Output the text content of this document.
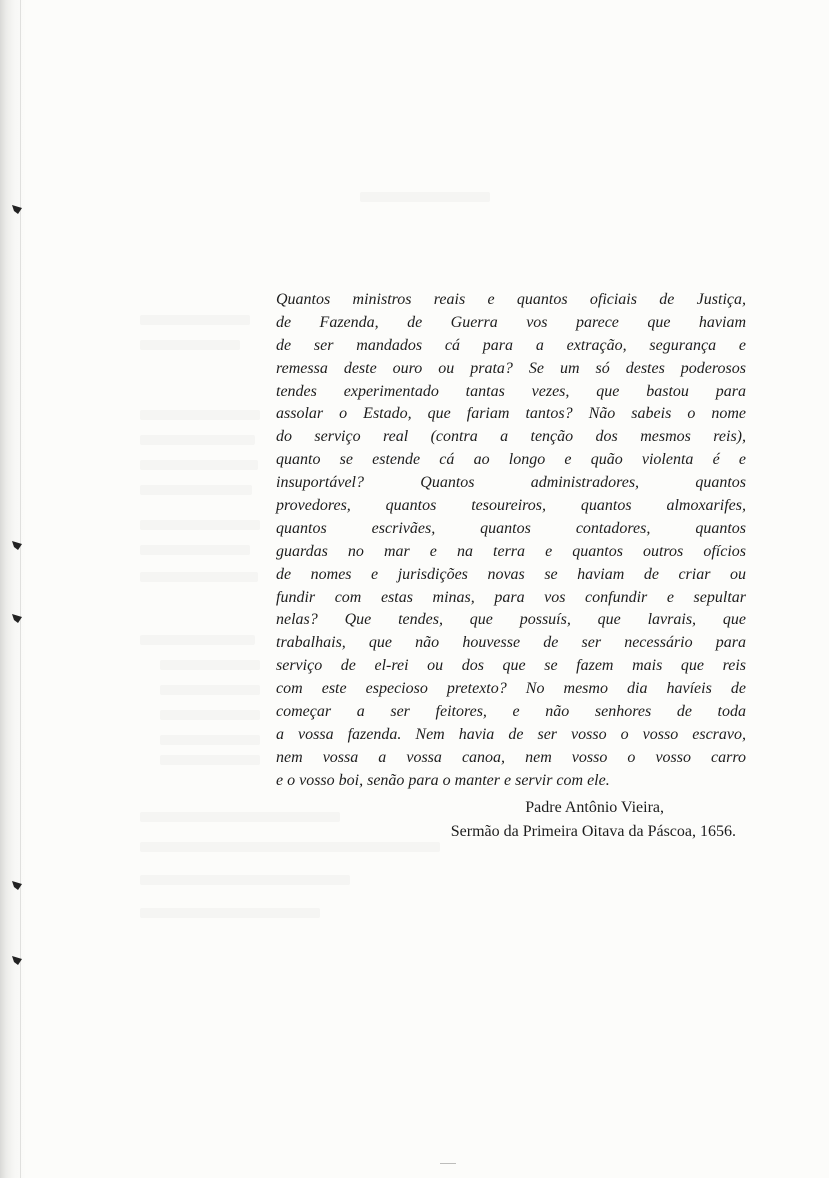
Quantos ministros reais e quantos oficiais de Justiça,
de Fazenda, de Guerra vos parece que haviam
de ser mandados cá para a extração, segurança e
remessa deste ouro ou prata? Se um só destes poderosos
tendes experimentado tantas vezes, que bastou para
assolar o Estado, que fariam tantos? Não sabeis o nome
do serviço real (contra a tenção dos mesmos reis),
quanto se estende cá ao longo e quão violenta é e
insuportável? Quantos administradores, quantos
provedores, quantos tesoureiros, quantos almoxarifes,
quantos escrivães, quantos contadores, quantos
guardas no mar e na terra e quantos outros ofícios
de nomes e jurisdições novas se haviam de criar ou
fundir com estas minas, para vos confundir e sepultar
nelas? Que tendes, que possuís, que lavrais, que
trabalhais, que não houvesse de ser necessário para
serviço de el-rei ou dos que se fazem mais que reis
com este especioso pretexto? No mesmo dia havíeis de
começar a ser feitores, e não senhores de toda
a vossa fazenda. Nem havia de ser vosso o vosso escravo,
nem vossa a vossa canoa, nem vosso o vosso carro
e o vosso boi, senão para o manter e servir com ele.
Padre Antônio Vieira,
Sermão da Primeira Oitava da Páscoa, 1656.
